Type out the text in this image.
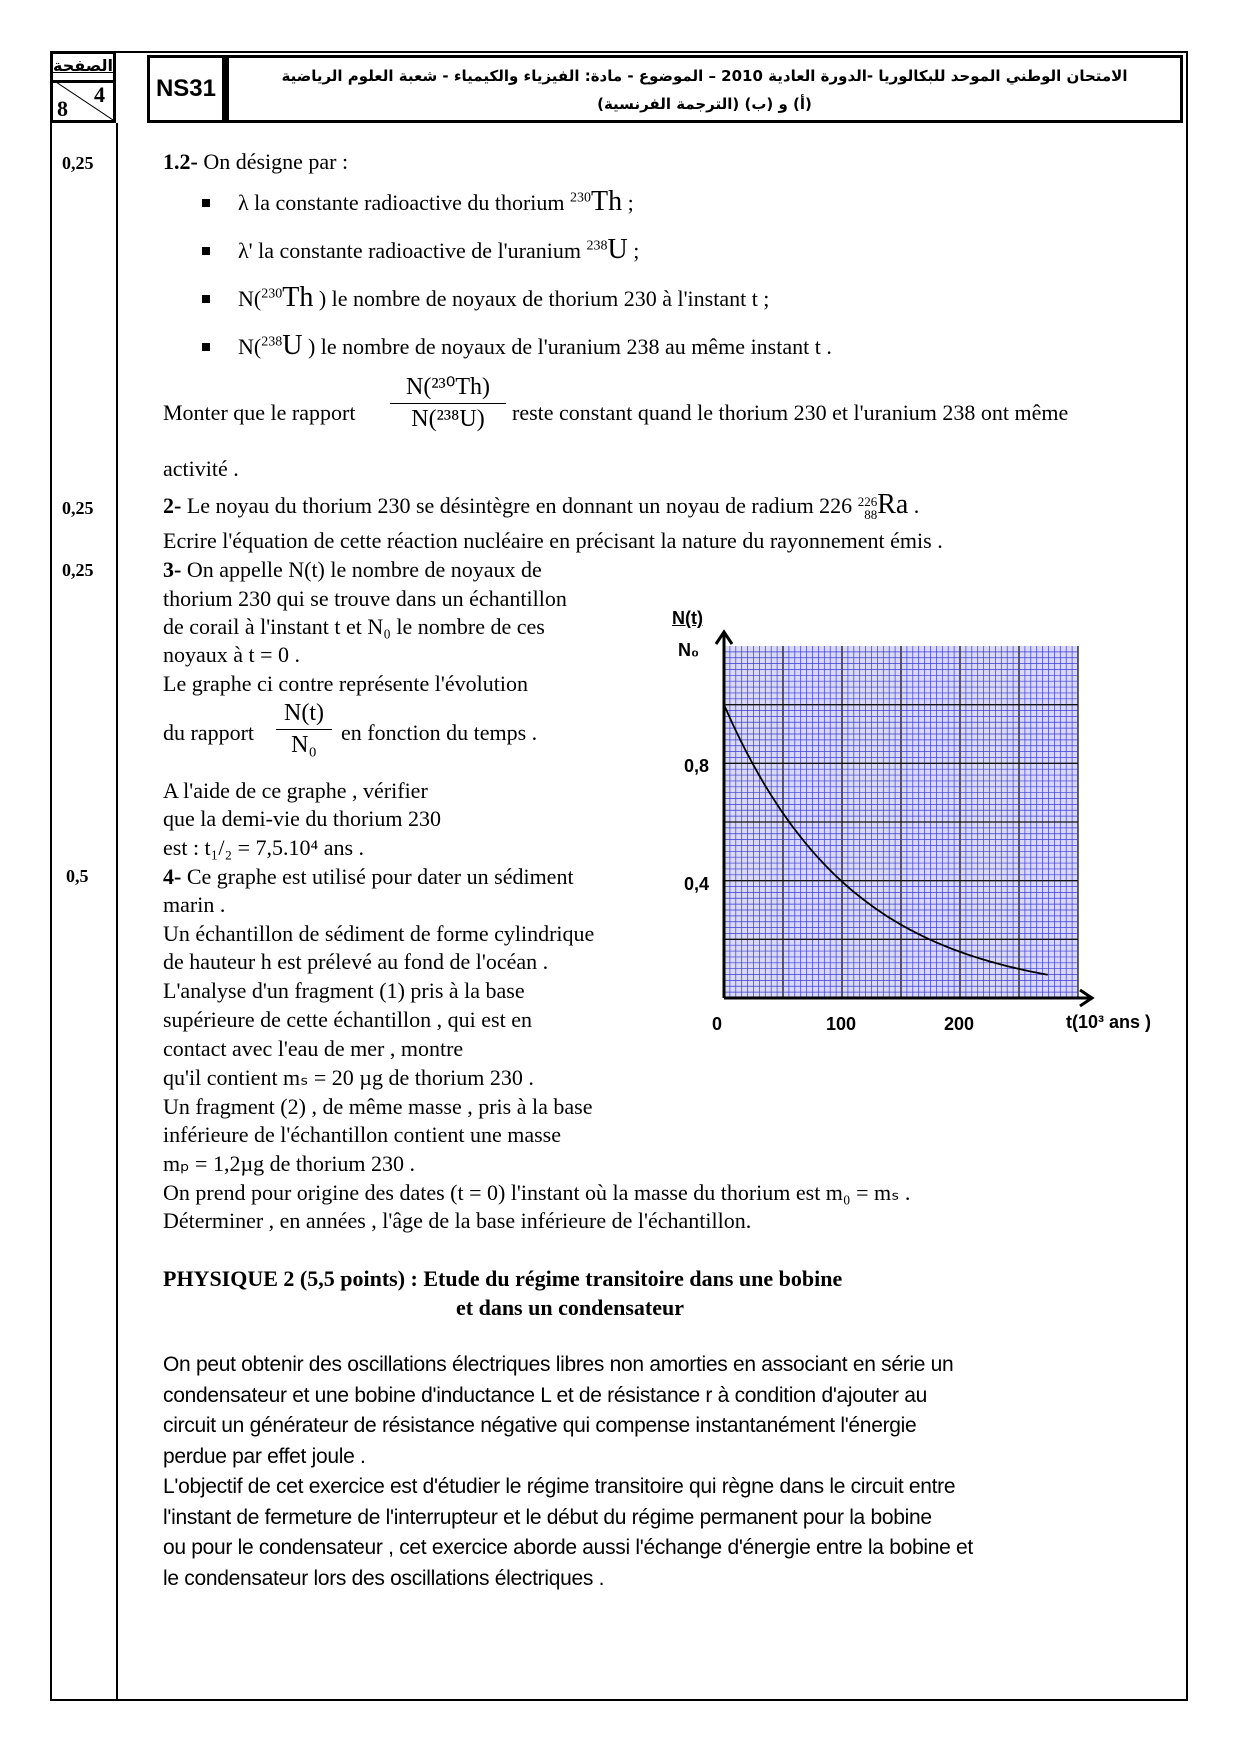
الصفحة
4
8
NS31	الامتحان الوطني الموحد للبكالوريا -الدورة العادية 2010 – الموضوع - مادة: الفيزياء والكيمياء - شعبة العلوم الرياضية
(أ) و (ب) (الترجمة الفرنسية)
0,25
0,25
0,25
0,5
1.2- On désigne par :
λ la constante radioactive du thorium $^{230}$Th ;
λ' la constante radioactive de l'uranium $^{238}$U ;
N($^{230}$Th ) le nombre de noyaux de thorium 230 à l'instant t ;
N($^{238}$U ) le nombre de noyaux de l'uranium 238 au même instant t .
Monter que le rapport
N(²³⁰Th)
N(²³⁸U)	reste constant quand le thorium 230 et l'uranium 238 ont même
activité .
2- Le noyau du thorium 230 se désintègre en donnant un noyau de radium 226 226
88Ra .
Ecrire l'équation de cette réaction nucléaire en précisant la nature du rayonnement émis .
3- On appelle N(t) le nombre de noyaux de
thorium 230 qui se trouve dans un échantillon
de corail à l'instant t et N₀ le nombre de ces
noyaux à t = 0 .
Le graphe ci contre représente l'évolution
du rapport
N(t)
N₀	en fonction du temps .
A l'aide de ce graphe , vérifier
que la demi-vie du thorium 230
est : t₁/₂ = 7,5.10⁴ ans .
4- Ce graphe est utilisé pour dater un sédiment
marin .
Un échantillon de sédiment de forme cylindrique
de hauteur h est prélevé au fond de l'océan .
L'analyse d'un fragment (1) pris à la base
supérieure de cette échantillon , qui est en
contact avec l'eau de mer , montre
qu'il contient mₛ = 20 µg de thorium 230 .
Un fragment (2) , de même masse , pris à la base
inférieure de l'échantillon contient une masse
mₚ = 1,2µg de thorium 230 .
On prend pour origine des dates (t = 0) l'instant où la masse du thorium est m₀ = mₛ .
Déterminer , en années , l'âge de la base inférieure de l'échantillon.
N(t)
N₀
0,8
0,4
0	100	200	t(10³ ans )
PHYSIQUE 2 (5,5 points) : Etude du régime transitoire dans une bobine
et dans un condensateur
On peut obtenir des oscillations électriques libres non amorties en associant en série un
condensateur et une bobine d'inductance L et de résistance r à condition d'ajouter au
circuit un générateur de résistance négative qui compense instantanément l'énergie
perdue par effet joule .
L'objectif de cet exercice est d'étudier le régime transitoire qui règne dans le circuit entre
l'instant de fermeture de l'interrupteur et le début du régime permanent pour la bobine
ou pour le condensateur , cet exercice aborde aussi l'échange d'énergie entre la bobine et
le condensateur lors des oscillations électriques .
